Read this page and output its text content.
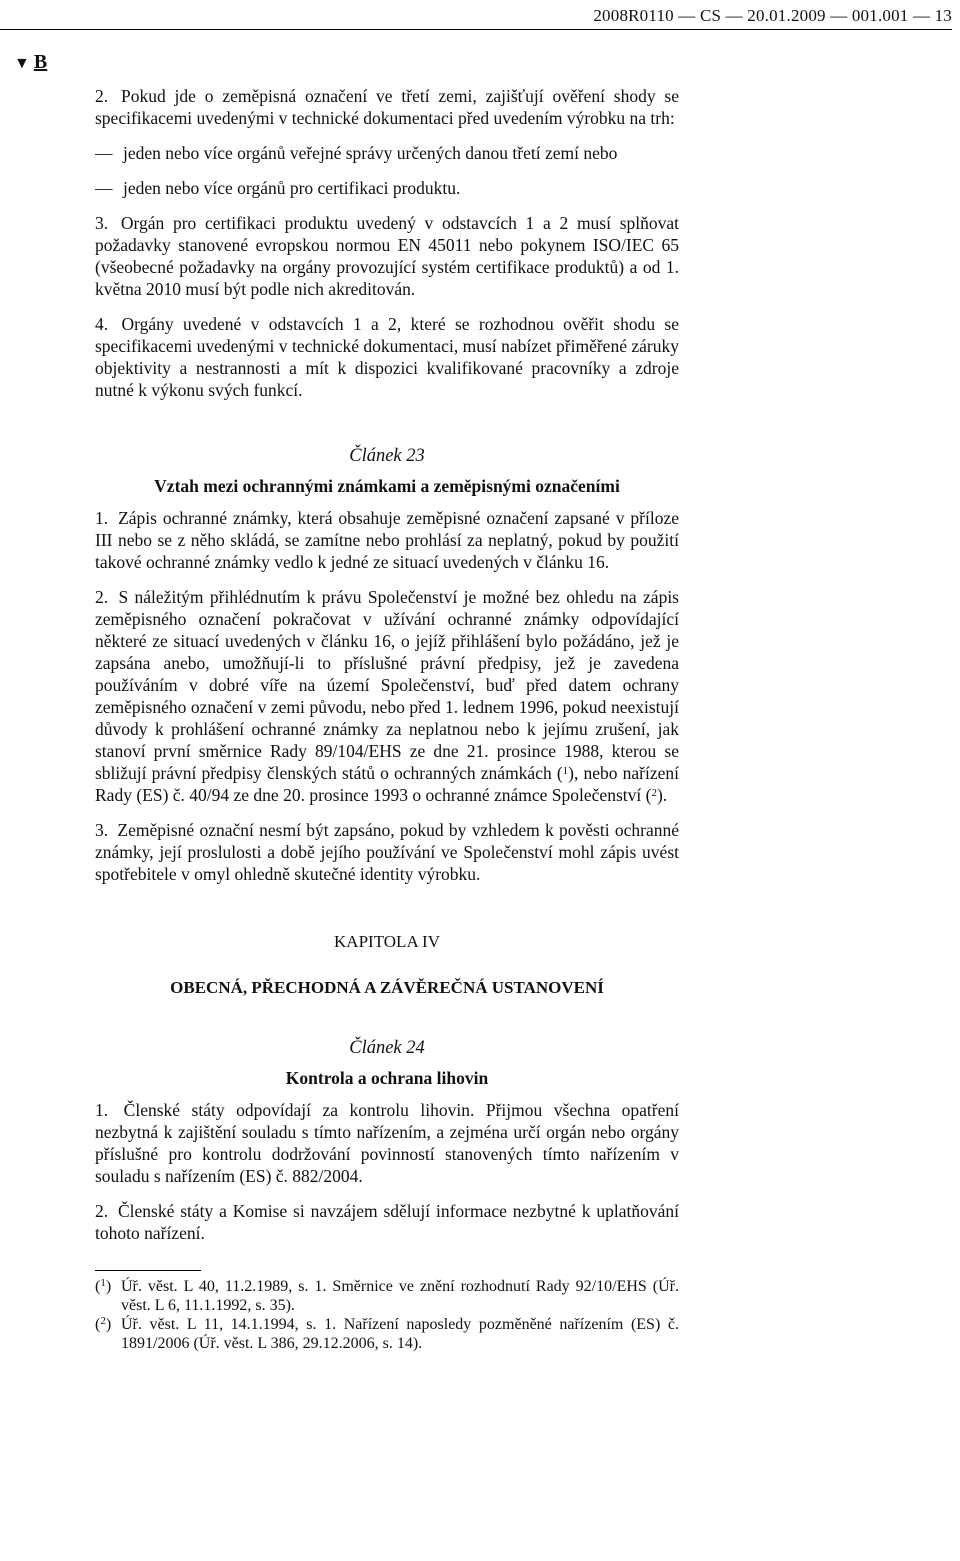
2008R0110 — CS — 20.01.2009 — 001.001 — 13
▼ B

2. Pokud jde o zeměpisná označení ve třetí zemi, zajišťují ověření shody se specifikacemi uvedenými v technické dokumentaci před uvedením výrobku na trh:

— jeden nebo více orgánů veřejné správy určených danou třetí zemí nebo

— jeden nebo více orgánů pro certifikaci produktu.

3. Orgán pro certifikaci produktu uvedený v odstavcích 1 a 2 musí splňovat požadavky stanovené evropskou normou EN 45011 nebo pokynem ISO/IEC 65 (všeobecné požadavky na orgány provozující systém certifikace produktů) a od 1. května 2010 musí být podle nich akreditován.

4. Orgány uvedené v odstavcích 1 a 2, které se rozhodnou ověřit shodu se specifikacemi uvedenými v technické dokumentaci, musí nabízet přiměřené záruky objektivity a nestrannosti a mít k dispozici kvalifikované pracovníky a zdroje nutné k výkonu svých funkcí.

Článek 23

Vztah mezi ochrannými známkami a zeměpisnými označeními

1. Zápis ochranné známky, která obsahuje zeměpisné označení zapsané v příloze III nebo se z něho skládá, se zamítne nebo prohlásí za neplatný, pokud by použití takové ochranné známky vedlo k jedné ze situací uvedených v článku 16.

2. S náležitým přihlédnutím k právu Společenství je možné bez ohledu na zápis zeměpisného označení pokračovat v užívání ochranné známky odpovídající některé ze situací uvedených v článku 16, o jejíž přihlášení bylo požádáno, jež je zapsána anebo, umožňují-li to příslušné právní předpisy, jež je zavedena používáním v dobré víře na území Společenství, buď před datem ochrany zeměpisného označení v zemi původu, nebo před 1. lednem 1996, pokud neexistují důvody k prohlášení ochranné známky za neplatnou nebo k jejímu zrušení, jak stanoví první směrnice Rady 89/104/EHS ze dne 21. prosince 1988, kterou se sbližují právní předpisy členských států o ochranných známkách ($^1$), nebo nařízení Rady (ES) č. 40/94 ze dne 20. prosince 1993 o ochranné známce Společenství ($^2$).

3. Zeměpisné označní nesmí být zapsáno, pokud by vzhledem k pověsti ochranné známky, její proslulosti a době jejího používání ve Společenství mohl zápis uvést spotřebitele v omyl ohledně skutečné identity výrobku.

KAPITOLA IV

OBECNÁ, PŘECHODNÁ A ZÁVĚREČNÁ USTANOVENÍ

Článek 24

Kontrola a ochrana lihovin

1. Členské státy odpovídají za kontrolu lihovin. Přijmou všechna opatření nezbytná k zajištění souladu s tímto nařízením, a zejména určí orgán nebo orgány příslušné pro kontrolu dodržování povinností stanovených tímto nařízením v souladu s nařízením (ES) č. 882/2004.

2. Členské státy a Komise si navzájem sdělují informace nezbytné k uplatňování tohoto nařízení.

($^1$) Úř. věst. L 40, 11.2.1989, s. 1. Směrnice ve znění rozhodnutí Rady 92/10/EHS (Úř. věst. L 6, 11.1.1992, s. 35).

($^2$) Úř. věst. L 11, 14.1.1994, s. 1. Nařízení naposledy pozměněné nařízením (ES) č. 1891/2006 (Úř. věst. L 386, 29.12.2006, s. 14).
